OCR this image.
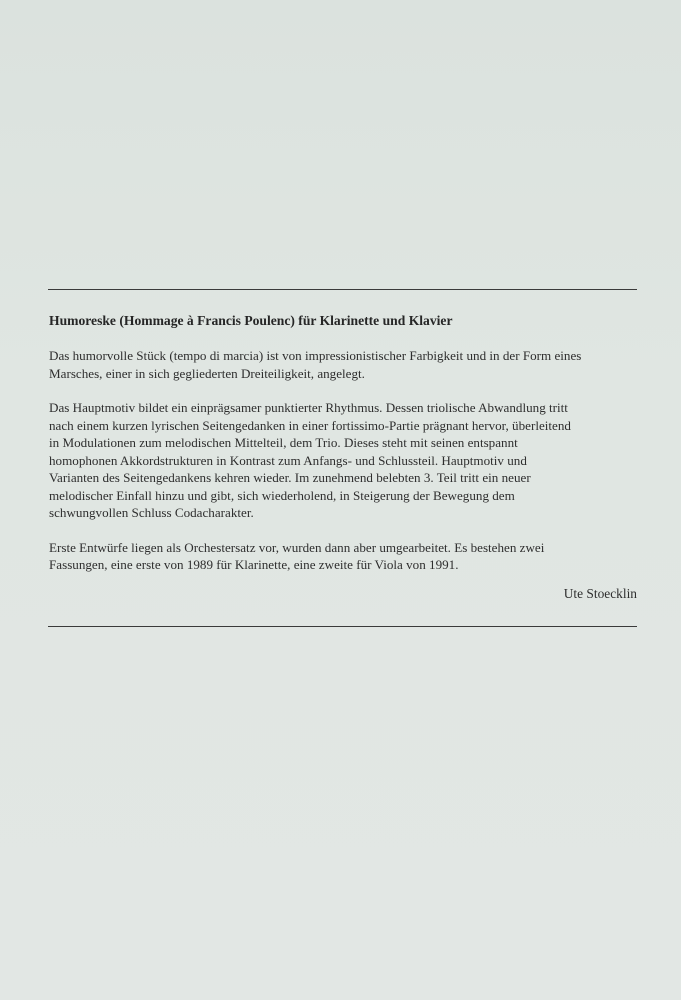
Humoreske (Hommage à Francis Poulenc) für Klarinette und Klavier
Das humorvolle Stück (tempo di marcia) ist von impressionistischer Farbigkeit und in der Form eines
Marsches, einer in sich gegliederten Dreiteiligkeit, angelegt.
Das Hauptmotiv bildet ein einprägsamer punktierter Rhythmus. Dessen triolische Abwandlung tritt
nach einem kurzen lyrischen Seitengedanken in einer fortissimo-Partie prägnant hervor, überleitend
in Modulationen zum melodischen Mittelteil, dem Trio. Dieses steht mit seinen entspannt
homophonen Akkordstrukturen in Kontrast zum Anfangs- und Schlussteil. Hauptmotiv und
Varianten des Seitengedankens kehren wieder. Im zunehmend belebten 3. Teil tritt ein neuer
melodischer Einfall hinzu und gibt, sich wiederholend, in Steigerung der Bewegung dem
schwungvollen Schluss Codacharakter.
Erste Entwürfe liegen als Orchestersatz vor, wurden dann aber umgearbeitet. Es bestehen zwei
Fassungen, eine erste von 1989 für Klarinette, eine zweite für Viola von 1991.
Ute Stoecklin
